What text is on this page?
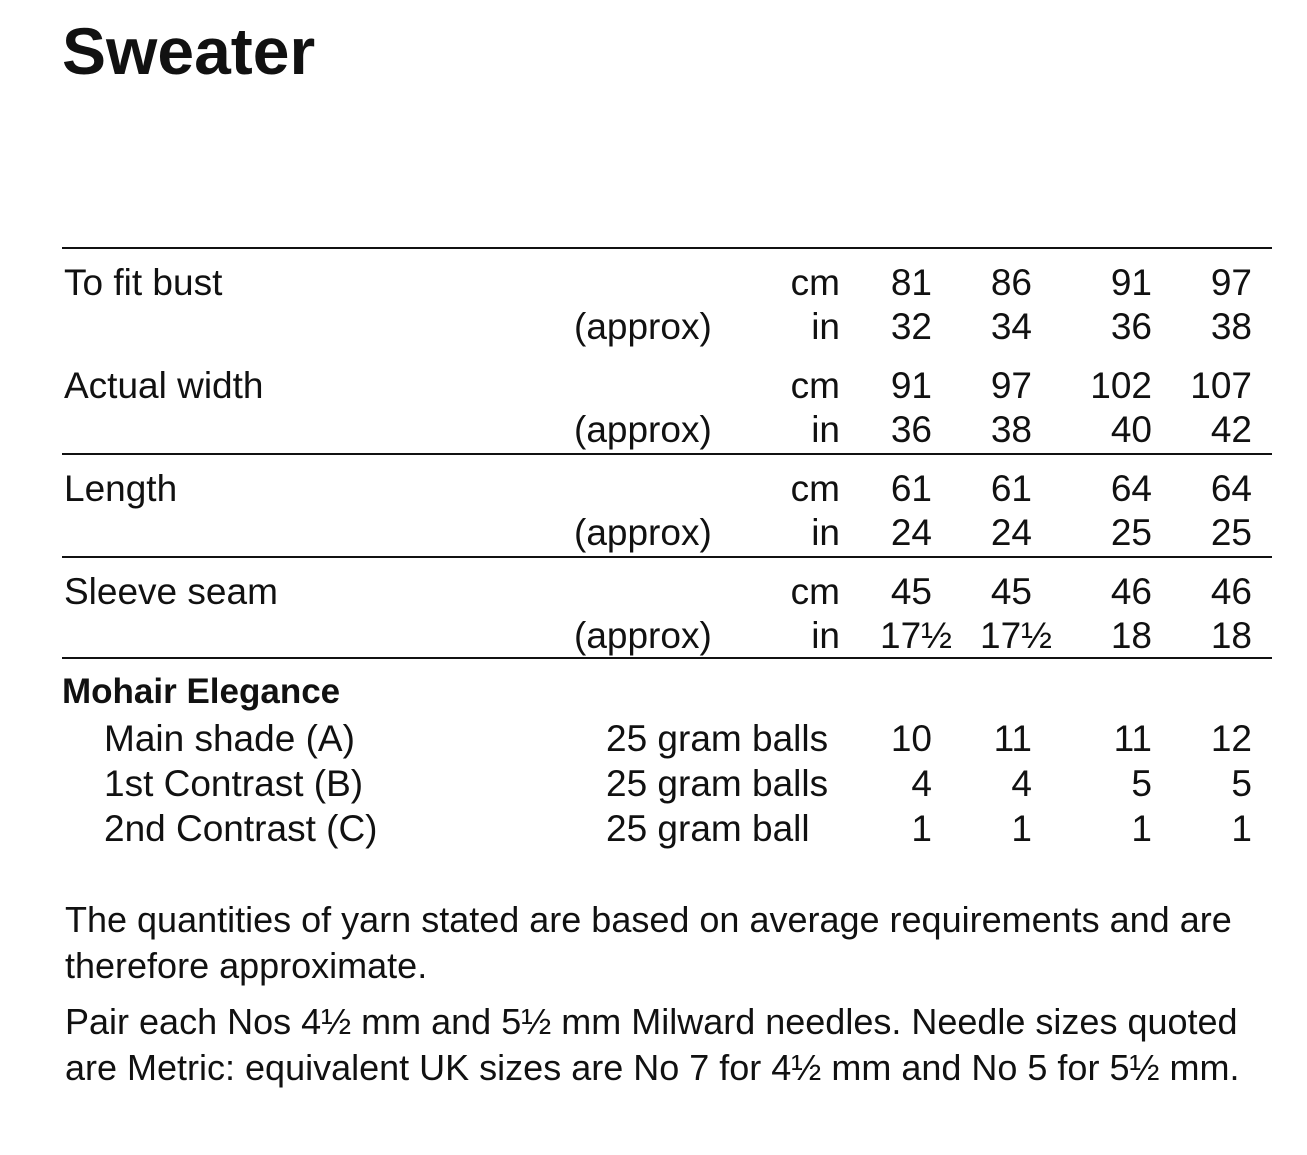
Sweater
To fit bust	cm	81	86	91	97
(approx)	in	32	34	36	38
Actual width	cm	91	97	102	107
(approx)	in	36	38	40	42
Length	cm	61	61	64	64
(approx)	in	24	24	25	25
Sleeve seam	cm	45	45	46	46
(approx)	in 17½ 17½	18	18
Mohair Elegance
Main shade (A)	25 gram balls	10	11	11	12
1st Contrast (B)	25 gram balls	4	4	5	5
2nd Contrast (C)	25 gram ball	1	1	1	1

The quantities of yarn stated are based on average requirements and are therefore approximate.

Pair each Nos 4½ mm and 5½ mm Milward needles. Needle sizes quoted are Metric: equivalent UK sizes are No 7 for 4½ mm and No 5 for 5½ mm.
